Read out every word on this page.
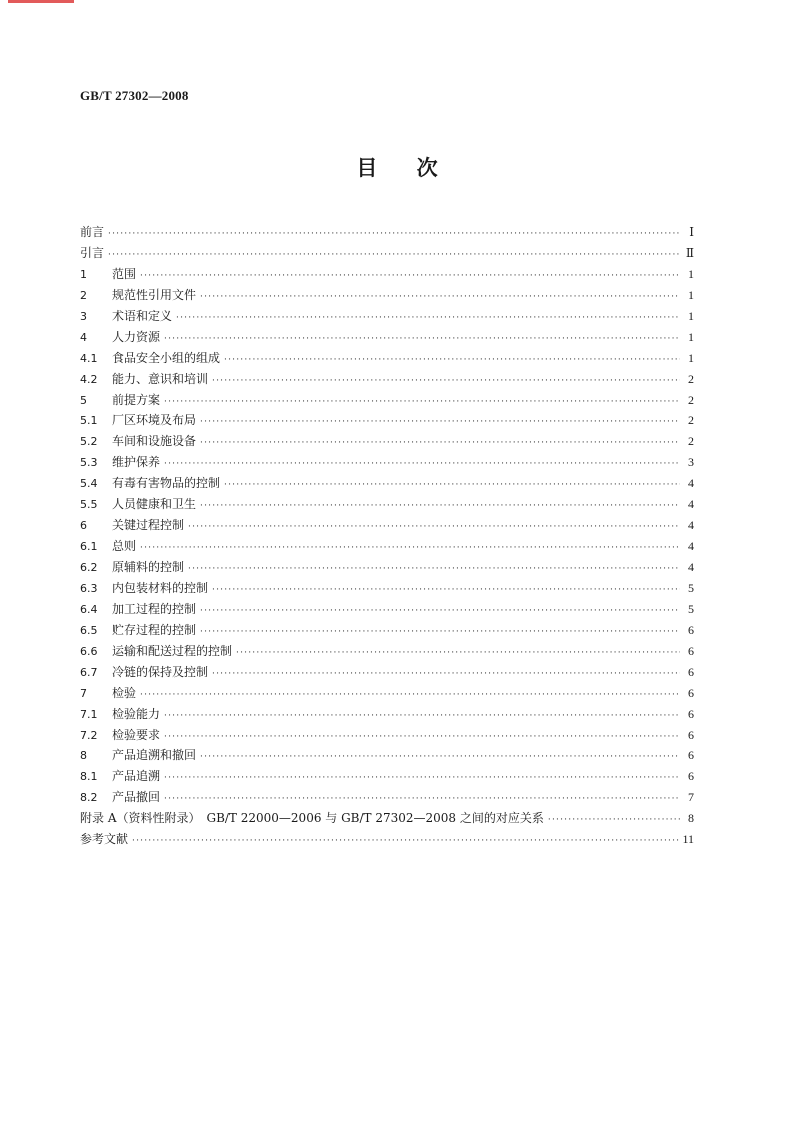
GB/T 27302—2008
目 次
前言 ·····	Ⅰ
引言 ·····	Ⅱ
1	范围 ·····	1
2	规范性引用文件 ·····	1
3	术语和定义 ·····	1
4	人力资源 ·····	1
4.1	食品安全小组的组成 ·····	1
4.2	能力、意识和培训 ·····	2
5	前提方案 ·····	2
5.1	厂区环境及布局 ·····	2
5.2	车间和设施设备 ·····	2
5.3	维护保养 ·····	3
5.4	有毒有害物品的控制 ·····	4
5.5	人员健康和卫生 ·····	4
6	关键过程控制 ·····	4
6.1	总则 ·····	4
6.2	原辅料的控制 ·····	4
6.3	内包装材料的控制 ·····	5
6.4	加工过程的控制 ·····	5
6.5	贮存过程的控制 ·····	6
6.6	运输和配送过程的控制 ·····	6
6.7	冷链的保持及控制 ·····	6
7	检验 ·····	6
7.1	检验能力 ·····	6
7.2	检验要求 ·····	6
8	产品追溯和撤回 ·····	6
8.1	产品追溯 ·····	6
8.2	产品撤回 ·····	7
附录 A（资料性附录）　GB/T 22000—2006 与 GB/T 27302—2008 之间的对应关系 ·····	8
参考文献 ·····	11
